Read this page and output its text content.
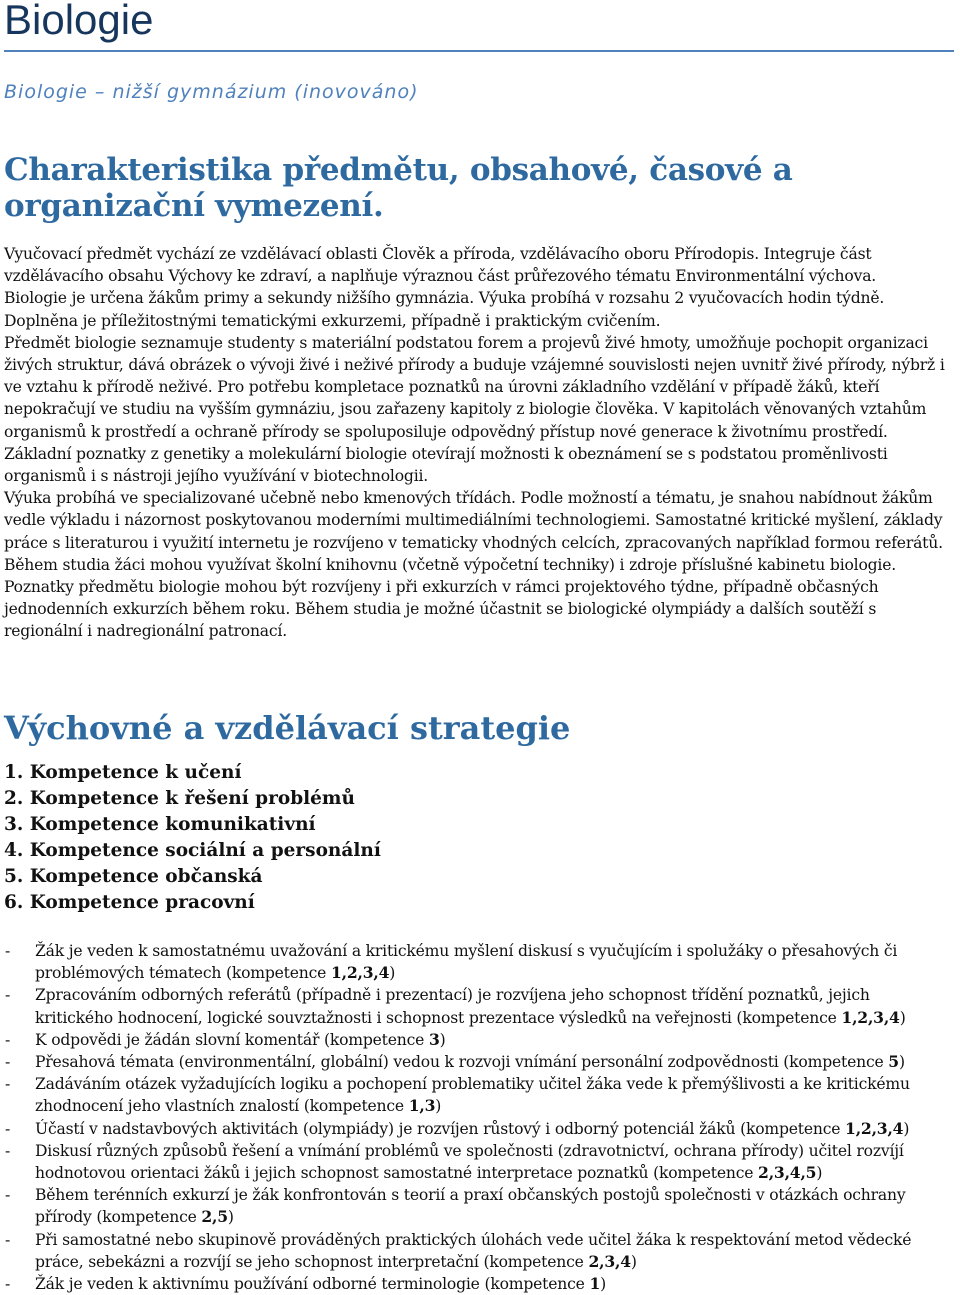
Biologie
Biologie – nižší gymnázium (inovováno)
Charakteristika předmětu, obsahové, časové a organizační vymezení.

Vyučovací předmět vychází ze vzdělávací oblasti Člověk a příroda, vzdělávacího oboru Přírodopis. Integruje část vzdělávacího obsahu Výchovy ke zdraví, a naplňuje výraznou část průřezového tématu Environmentální výchova.

Biologie je určena žákům primy a sekundy nižšího gymnázia. Výuka probíhá v rozsahu 2 vyučovacích hodin týdně. Doplněna je příležitostnými tematickými exkurzemi, případně i praktickým cvičením.

Předmět biologie seznamuje studenty s materiální podstatou forem a projevů živé hmoty, umožňuje pochopit organizaci živých struktur, dává obrázek o vývoji živé i neživé přírody a buduje vzájemné souvislosti nejen uvnitř živé přírody, nýbrž i ve vztahu k přírodě neživé. Pro potřebu kompletace poznatků na úrovni základního vzdělání v případě žáků, kteří nepokračují ve studiu na vyšším gymnáziu, jsou zařazeny kapitoly z biologie člověka. V kapitolách věnovaných vztahům organismů k prostředí a ochraně přírody se spoluposiluje odpovědný přístup nové generace k životnímu prostředí. Základní poznatky z genetiky a molekulární biologie otevírají možnosti k obeznámení se s podstatou proměnlivosti organismů i s nástroji jejího využívání v biotechnologii.

Výuka probíhá ve specializované učebně nebo kmenových třídách. Podle možností a tématu, je snahou nabídnout žákům vedle výkladu i názornost poskytovanou moderními multimediálními technologiemi. Samostatné kritické myšlení, základy práce s literaturou i využití internetu je rozvíjeno v tematicky vhodných celcích, zpracovaných například formou referátů.

Během studia žáci mohou využívat školní knihovnu (včetně výpočetní techniky) i zdroje příslušné kabinetu biologie. Poznatky předmětu biologie mohou být rozvíjeny i při exkurzích v rámci projektového týdne, případně občasných jednodenních exkurzích během roku. Během studia je možné účastnit se biologické olympiády a dalších soutěží s regionální i nadregionální patronací.

Výchovné a vzdělávací strategie
1. Kompetence k učení
2. Kompetence k řešení problémů
3. Kompetence komunikativní
4. Kompetence sociální a personální
5. Kompetence občanská
6. Kompetence pracovní
- Žák je veden k samostatnému uvažování a kritickému myšlení diskusí s vyučujícím i spolužáky o přesahových či problémových tématech (kompetence 1,2,3,4)
- Zpracováním odborných referátů (případně i prezentací) je rozvíjena jeho schopnost třídění poznatků, jejich kritického hodnocení, logické souvztažnosti i schopnost prezentace výsledků na veřejnosti (kompetence 1,2,3,4)
- K odpovědi je žádán slovní komentář (kompetence 3)
- Přesahová témata (environmentální, globální) vedou k rozvoji vnímání personální zodpovědnosti (kompetence 5)
- Zadáváním otázek vyžadujících logiku a pochopení problematiky učitel žáka vede k přemýšlivosti a ke kritickému zhodnocení jeho vlastních znalostí (kompetence 1,3)
- Účastí v nadstavbových aktivitách (olympiády) je rozvíjen růstový i odborný potenciál žáků (kompetence 1,2,3,4)
- Diskusí různých způsobů řešení a vnímání problémů ve společnosti (zdravotnictví, ochrana přírody) učitel rozvíjí hodnotovou orientaci žáků i jejich schopnost samostatné interpretace poznatků (kompetence 2,3,4,5)
- Během terénních exkurzí je žák konfrontován s teorií a praxí občanských postojů společnosti v otázkách ochrany přírody (kompetence 2,5)
- Při samostatné nebo skupinově prováděných praktických úlohách vede učitel žáka k respektování metod vědecké práce, sebekázni a rozvíjí se jeho schopnost interpretační (kompetence 2,3,4)
- Žák je veden k aktivnímu používání odborné terminologie (kompetence 1)
